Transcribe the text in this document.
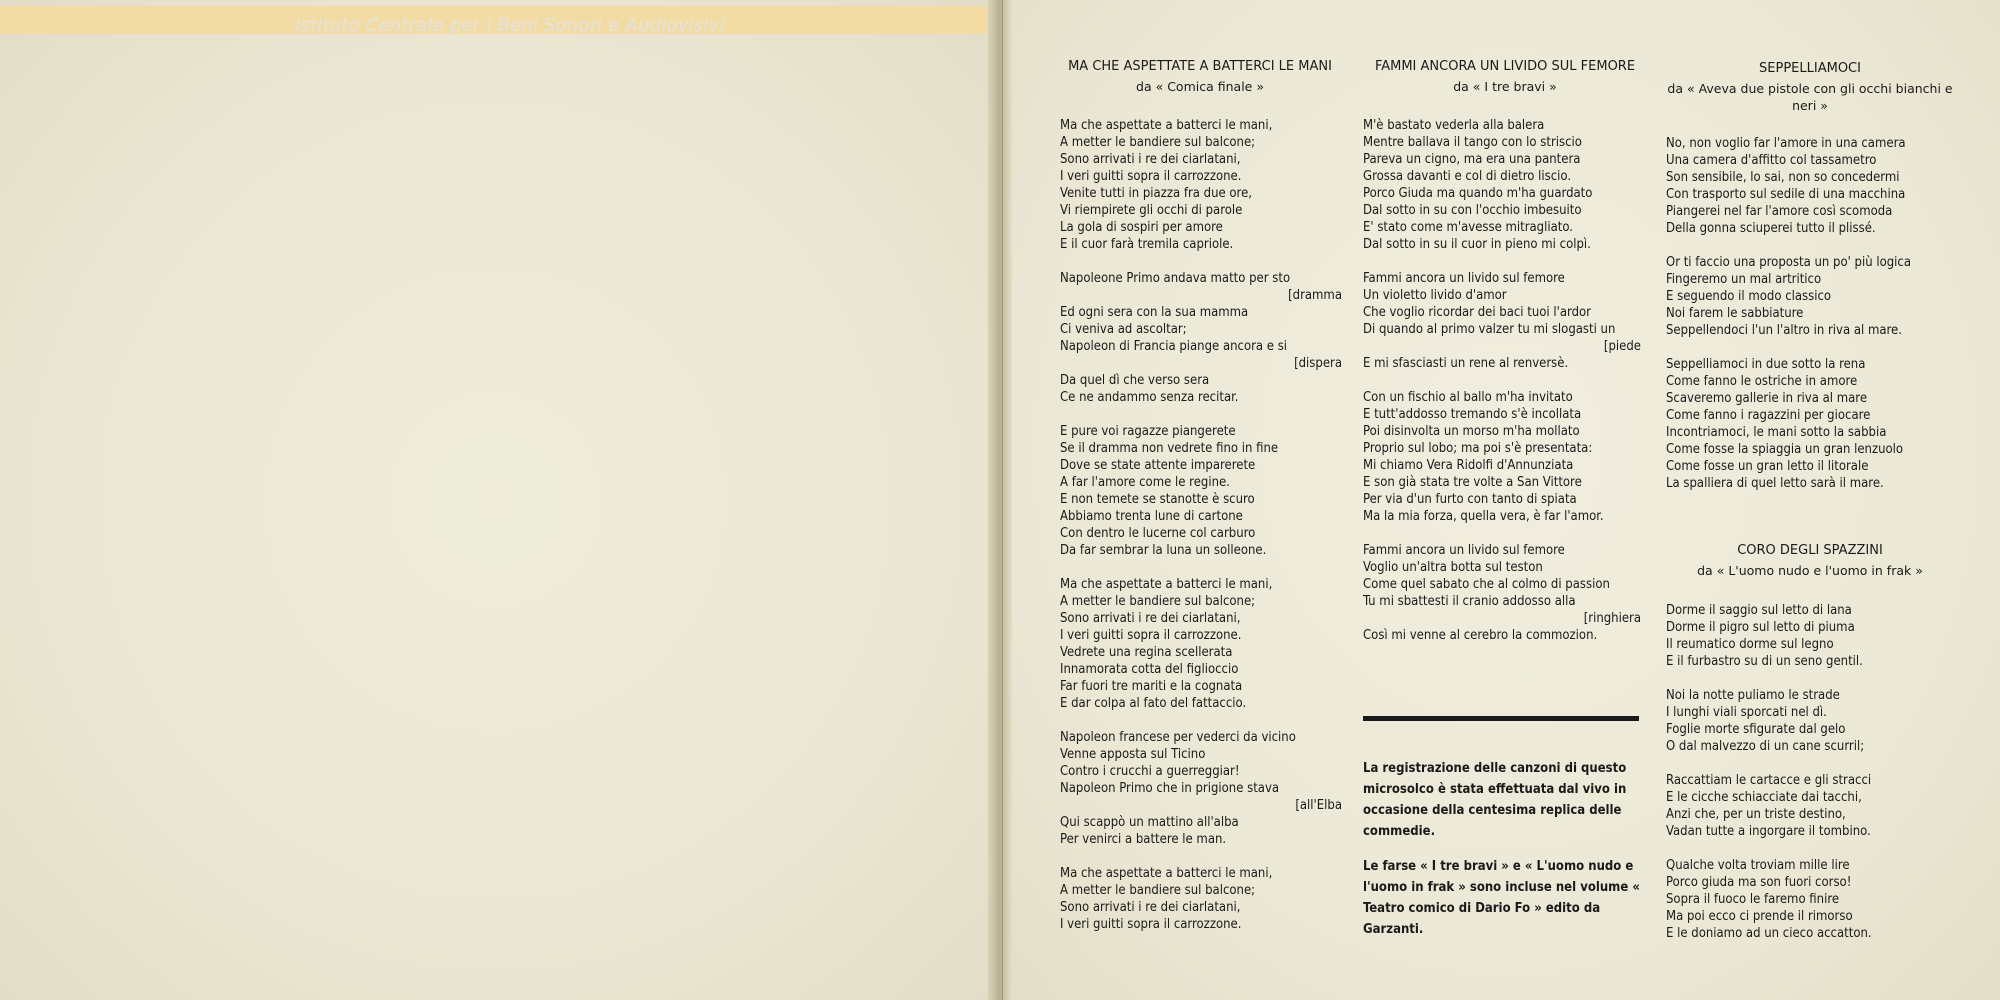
Istituto Centrale per i Beni Sonori e Audiovisivi
MA CHE ASPETTATE A BATTERCI LE MANI
da « Comica finale »
Ma che aspettate a batterci le mani,
A metter le bandiere sul balcone;
Sono arrivati i re dei ciarlatani,
I veri guitti sopra il carrozzone.
Venite tutti in piazza fra due ore,
Vi riempirete gli occhi di parole
La gola di sospiri per amore
E il cuor farà tremila capriole.
Napoleone Primo andava matto per sto
[dramma
Ed ogni sera con la sua mamma
Ci veniva ad ascoltar;
Napoleon di Francia piange ancora e si
[dispera
Da quel dì che verso sera
Ce ne andammo senza recitar.
E pure voi ragazze piangerete
Se il dramma non vedrete fino in fine
Dove se state attente imparerete
A far l'amore come le regine.
E non temete se stanotte è scuro
Abbiamo trenta lune di cartone
Con dentro le lucerne col carburo
Da far sembrar la luna un solleone.
Ma che aspettate a batterci le mani,
A metter le bandiere sul balcone;
Sono arrivati i re dei ciarlatani,
I veri guitti sopra il carrozzone.
Vedrete una regina scellerata
Innamorata cotta del figlioccio
Far fuori tre mariti e la cognata
E dar colpa al fato del fattaccio.
Napoleon francese per vederci da vicino
Venne apposta sul Ticino
Contro i crucchi a guerreggiar!
Napoleon Primo che in prigione stava
[all'Elba
Qui scappò un mattino all'alba
Per venirci a battere le man.
Ma che aspettate a batterci le mani,
A metter le bandiere sul balcone;
Sono arrivati i re dei ciarlatani,
I veri guitti sopra il carrozzone.
FAMMI ANCORA UN LIVIDO SUL FEMORE
da « I tre bravi »
M'è bastato vederla alla balera
Mentre ballava il tango con lo striscio
Pareva un cigno, ma era una pantera
Grossa davanti e col di dietro liscio.
Porco Giuda ma quando m'ha guardato
Dal sotto in su con l'occhio imbesuito
E' stato come m'avesse mitragliato.
Dal sotto in su il cuor in pieno mi colpì.
Fammi ancora un livido sul femore
Un violetto livido d'amor
Che voglio ricordar dei baci tuoi l'ardor
Di quando al primo valzer tu mi slogasti un
[piede
E mi sfasciasti un rene al renversè.
Con un fischio al ballo m'ha invitato
E tutt'addosso tremando s'è incollata
Poi disinvolta un morso m'ha mollato
Proprio sul lobo; ma poi s'è presentata:
Mi chiamo Vera Ridolfi d'Annunziata
E son già stata tre volte a San Vittore
Per via d'un furto con tanto di spiata
Ma la mia forza, quella vera, è far l'amor.
Fammi ancora un livido sul femore
Voglio un'altra botta sul teston
Come quel sabato che al colmo di passion
Tu mi sbattesti il cranio addosso alla
[ringhiera
Così mi venne al cerebro la commozion.

La registrazione delle canzoni di questo microsolco è stata effettuata dal vivo in occasione della centesima replica delle commedie.

Le farse « I tre bravi » e « L'uomo nudo e l'uomo in frak » sono incluse nel volume « Teatro comico di Dario Fo » edito da Garzanti.

SEPPELLIAMOCI
da « Aveva due pistole con gli occhi bianchi e neri »
No, non voglio far l'amore in una camera
Una camera d'affitto col tassametro
Son sensibile, lo sai, non so concedermi
Con trasporto sul sedile di una macchina
Piangerei nel far l'amore così scomoda
Della gonna sciuperei tutto il plissé.
Or ti faccio una proposta un po' più logica
Fingeremo un mal artritico
E seguendo il modo classico
Noi farem le sabbiature
Seppellendoci l'un l'altro in riva al mare.
Seppelliamoci in due sotto la rena
Come fanno le ostriche in amore
Scaveremo gallerie in riva al mare
Come fanno i ragazzini per giocare
Incontriamoci, le mani sotto la sabbia
Come fosse la spiaggia un gran lenzuolo
Come fosse un gran letto il litorale
La spalliera di quel letto sarà il mare.
CORO DEGLI SPAZZINI
da « L'uomo nudo e l'uomo in frak »
Dorme il saggio sul letto di lana
Dorme il pigro sul letto di piuma
Il reumatico dorme sul legno
E il furbastro su di un seno gentil.
Noi la notte puliamo le strade
I lunghi viali sporcati nel dì.
Foglie morte sfigurate dal gelo
O dal malvezzo di un cane scurril;
Raccattiam le cartacce e gli stracci
E le cicche schiacciate dai tacchi,
Anzi che, per un triste destino,
Vadan tutte a ingorgare il tombino.
Qualche volta troviam mille lire
Porco giuda ma son fuori corso!
Sopra il fuoco le faremo finire
Ma poi ecco ci prende il rimorso
E le doniamo ad un cieco accatton.
